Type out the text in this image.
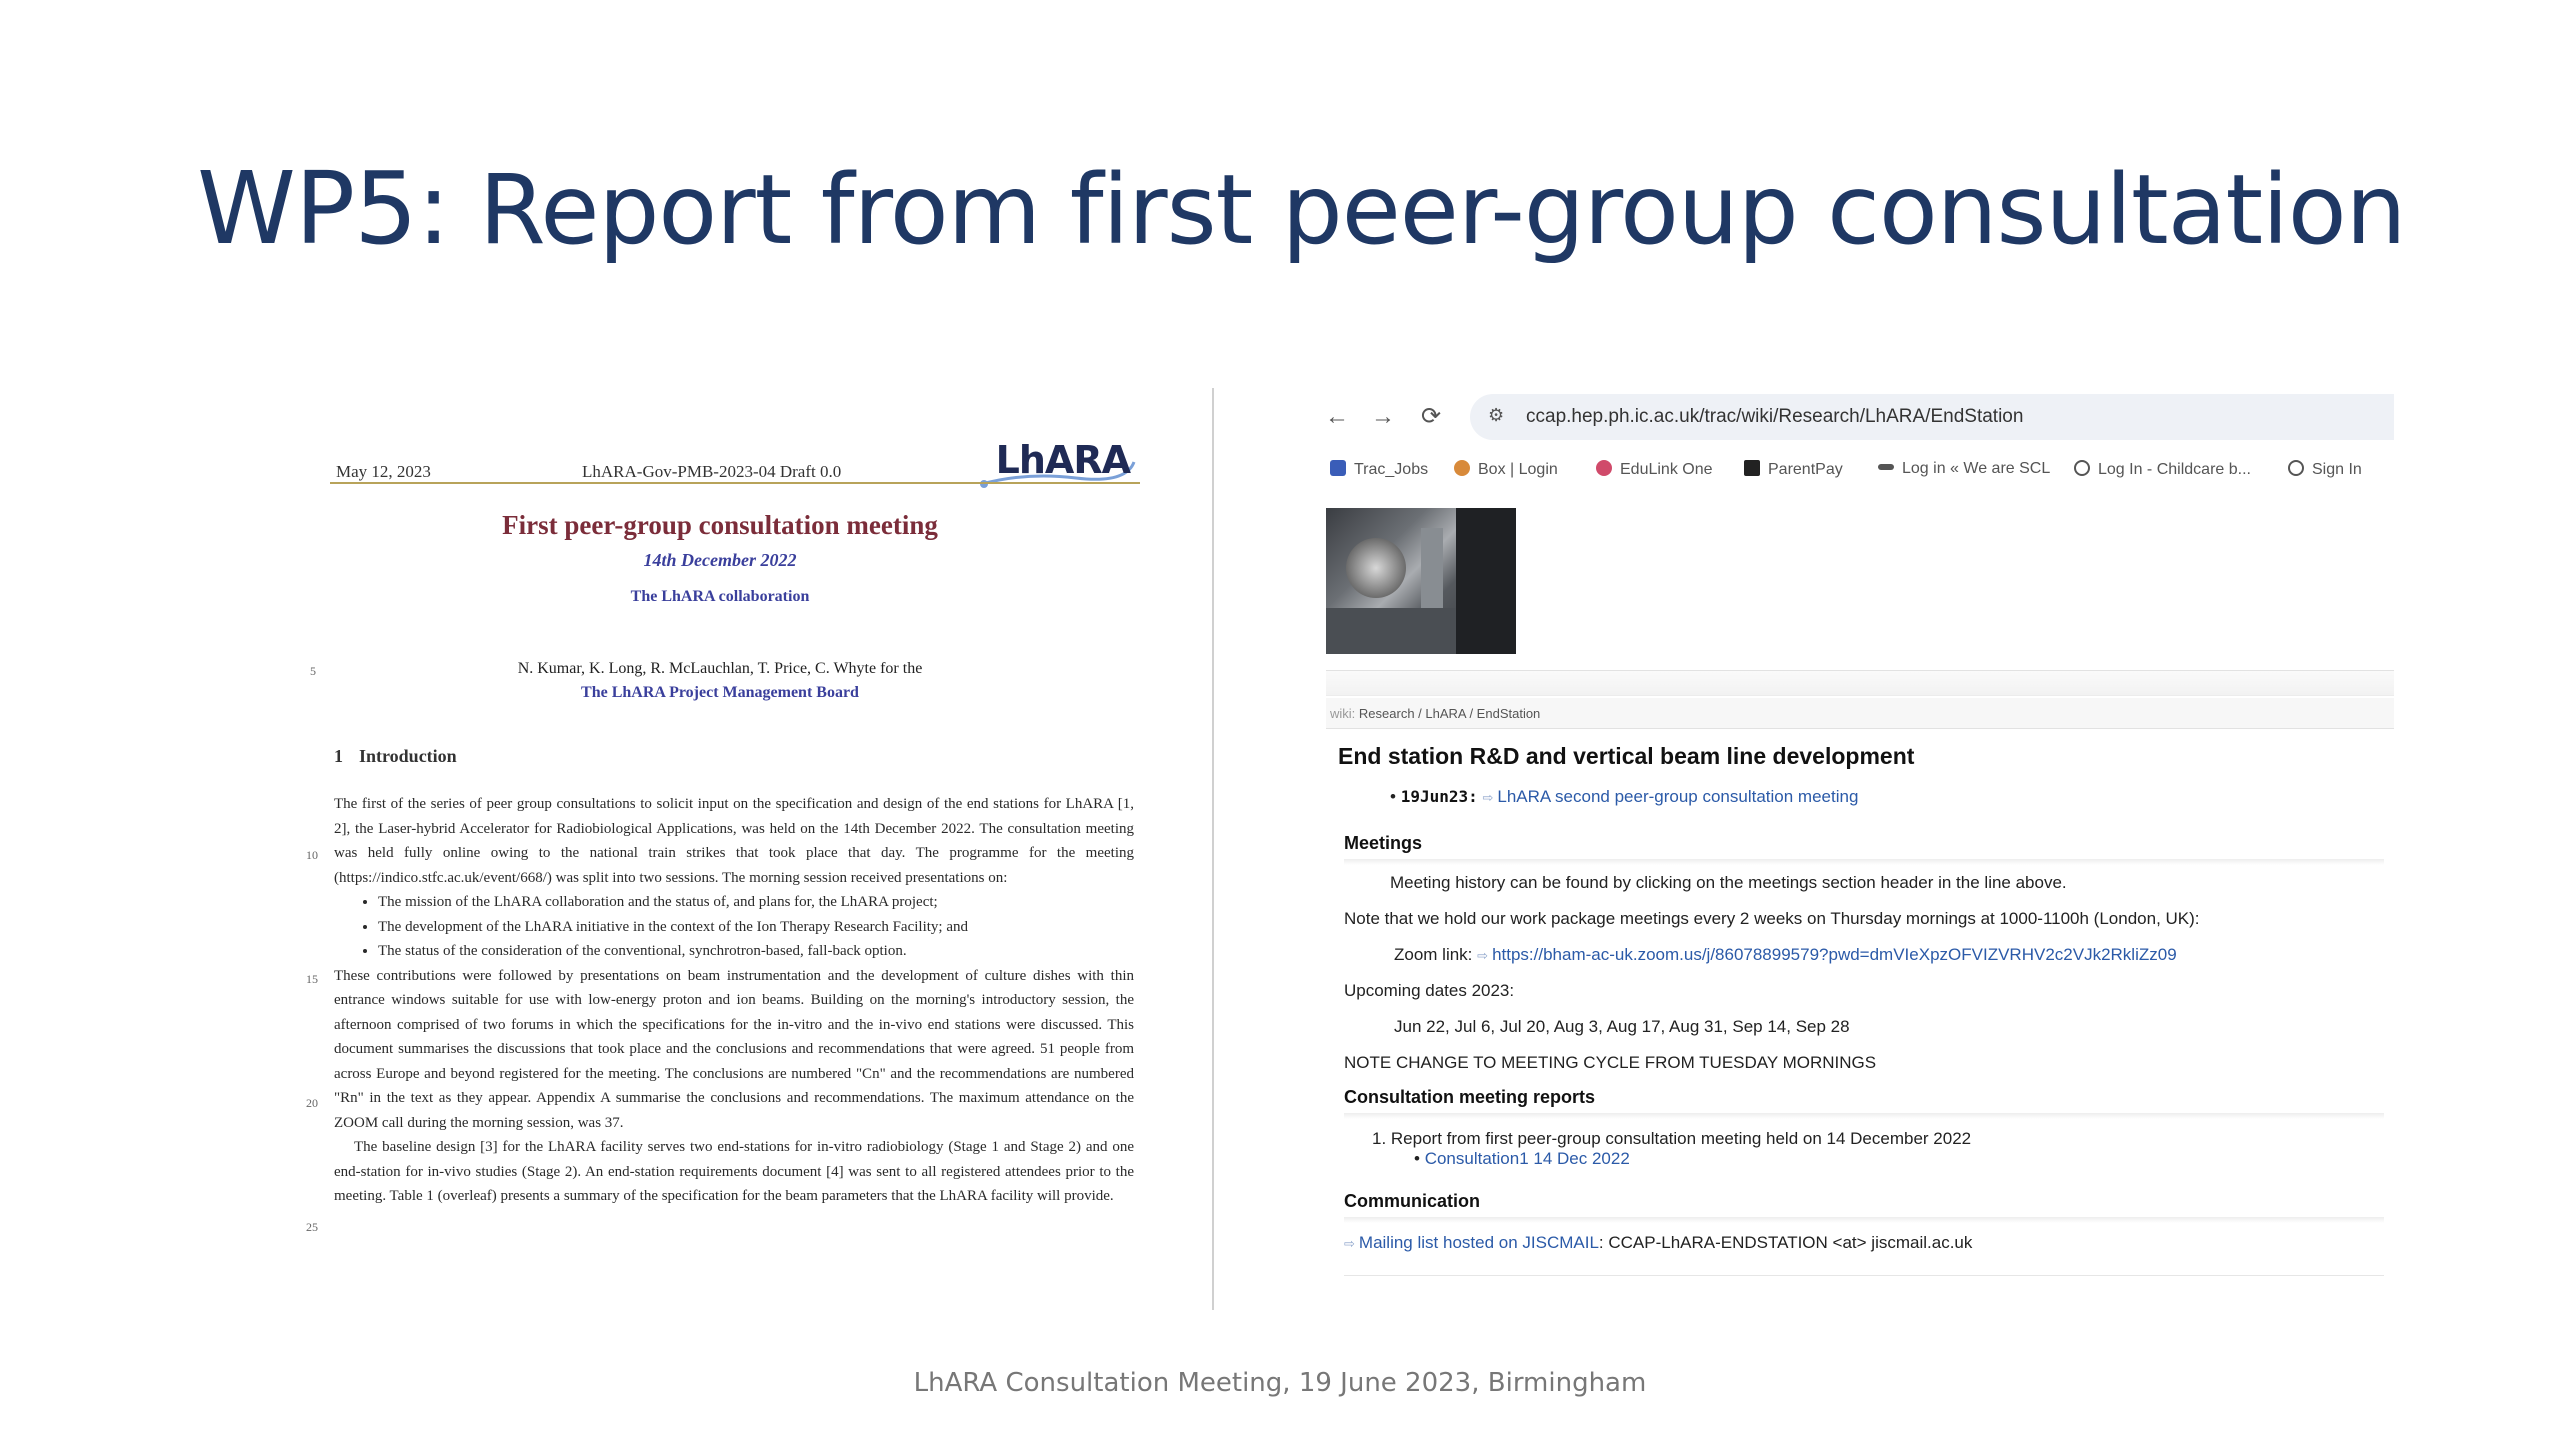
WP5: Report from first peer-group consultation
May 12, 2023	LhARA-Gov-PMB-2023-04 Draft 0.0	LhARA
First peer-group consultation meeting
14th December 2022
The LhARA collaboration
N. Kumar, K. Long, R. McLauchlan, T. Price, C. Whyte for the
The LhARA Project Management Board
1 Introduction

The first of the series of peer group consultations to solicit input on the specification and design of the end stations for LhARA [1, 2], the Laser-hybrid Accelerator for Radiobiological Applications, was held on the 14th December 2022. The consultation meeting was held fully online owing to the national train strikes that took place that day. The programme for the meeting (https://indico.stfc.ac.uk/event/668/) was split into two sessions. The morning session received presentations on:

• The mission of the LhARA collaboration and the status of, and plans for, the LhARA project;
• The development of the LhARA initiative in the context of the Ion Therapy Research Facility; and
• The status of the consideration of the conventional, synchrotron-based, fall-back option.

These contributions were followed by presentations on beam instrumentation and the development of culture dishes with thin entrance windows suitable for use with low-energy proton and ion beams. Building on the morning's introductory session, the afternoon comprised of two forums in which the specifications for the in-vitro and the in-vivo end stations were discussed. This document summarises the discussions that took place and the conclusions and recommendations that were agreed. 51 people from across Europe and beyond registered for the meeting. The conclusions are numbered "Cn" and the recommendations are numbered "Rn" in the text as they appear. Appendix A summarise the conclusions and recommendations. The maximum attendance on the ZOOM call during the morning session, was 37.

The baseline design [3] for the LhARA facility serves two end-stations for in-vitro radiobiology (Stage 1 and Stage 2) and one end-station for in-vivo studies (Stage 2). An end-station requirements document [4] was sent to all registered attendees prior to the meeting. Table 1 (overleaf) presents a summary of the specification for the beam parameters that the LhARA facility will provide.

5
10
15
20
25
← → ⟳	⚙ ccap.hep.ph.ic.ac.uk/trac/wiki/Research/LhARA/EndStation
Trac_Jobs	Box | Login	EduLink One	ParentPay	Log in « We are SCL	Log In - Childcare b...	Sign In
wiki: Research / LhARA / EndStation
End station R&D and vertical beam line development
• 19Jun23: ⇨ LhARA second peer-group consultation meeting
Meetings
Meeting history can be found by clicking on the meetings section header in the line above.
Note that we hold our work package meetings every 2 weeks on Thursday mornings at 1000-1100h (London, UK):
Zoom link: ⇨ https://bham-ac-uk.zoom.us/j/86078899579?pwd=dmVIeXpzOFVIZVRHV2c2VJk2RkliZz09
Upcoming dates 2023:
Jun 22, Jul 6, Jul 20, Aug 3, Aug 17, Aug 31, Sep 14, Sep 28
NOTE CHANGE TO MEETING CYCLE FROM TUESDAY MORNINGS
Consultation meeting reports
1. Report from first peer-group consultation meeting held on 14 December 2022
• Consultation1 14 Dec 2022
Communication
⇨ Mailing list hosted on JISCMAIL: CCAP-LhARA-ENDSTATION <at> jiscmail.ac.uk
LhARA Consultation Meeting, 19 June 2023, Birmingham
